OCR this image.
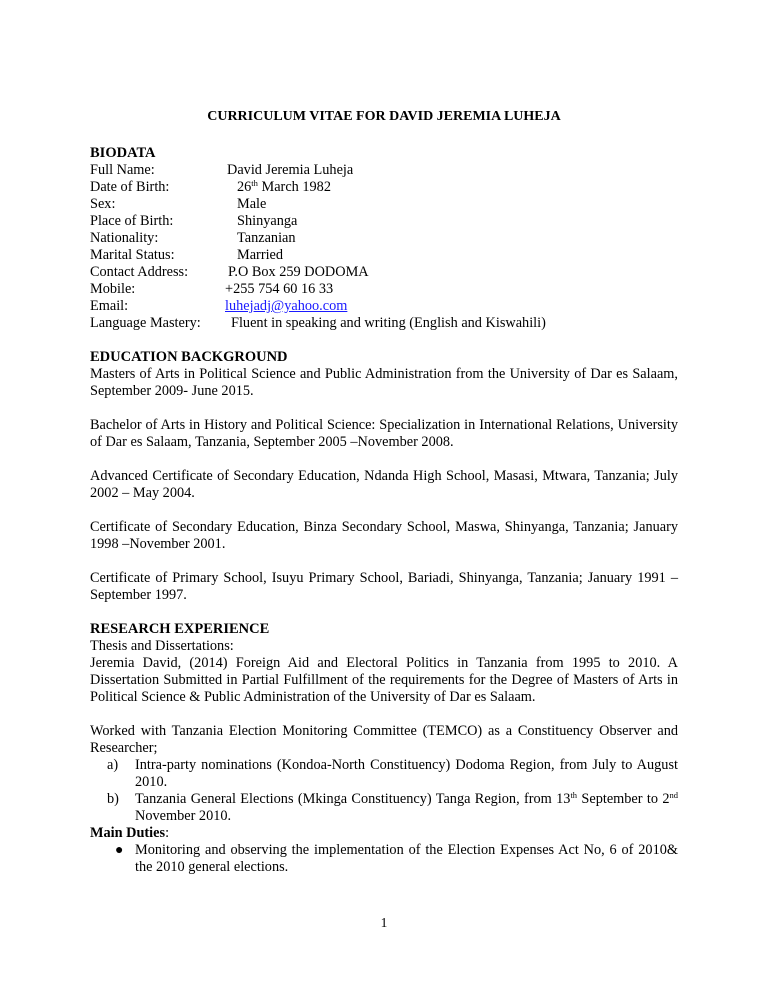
CURRICULUM VITAE FOR DAVID JEREMIA LUHEJA
BIODATA
Full Name:	David Jeremia Luheja
Date of Birth:	26th March 1982
Sex:	Male
Place of Birth:	Shinyanga
Nationality:	Tanzanian
Marital Status:	Married
Contact Address:	P.O Box 259 DODOMA
Mobile:	+255 754 60 16 33
Email:	luhejadj@yahoo.com
Language Mastery: Fluent in speaking and writing (English and Kiswahili)
EDUCATION BACKGROUND
Masters of Arts in Political Science and Public Administration from the University of Dar es Salaam, September 2009- June 2015.
Bachelor of Arts in History and Political Science: Specialization in International Relations, University of Dar es Salaam, Tanzania, September 2005 –November 2008.
Advanced Certificate of Secondary Education, Ndanda High School, Masasi, Mtwara, Tanzania; July 2002 – May 2004.
Certificate of Secondary Education, Binza Secondary School, Maswa, Shinyanga, Tanzania; January 1998 –November 2001.
Certificate of Primary School, Isuyu Primary School, Bariadi, Shinyanga, Tanzania; January 1991 – September 1997.
RESEARCH EXPERIENCE
Thesis and Dissertations:
Jeremia David, (2014) Foreign Aid and Electoral Politics in Tanzania from 1995 to 2010. A Dissertation Submitted in Partial Fulfillment of the requirements for the Degree of Masters of Arts in Political Science & Public Administration of the University of Dar es Salaam.
Worked with Tanzania Election Monitoring Committee (TEMCO) as a Constituency Observer and Researcher;
a) Intra-party nominations (Kondoa-North Constituency) Dodoma Region, from July to August 2010.
b) Tanzania General Elections (Mkinga Constituency) Tanga Region, from 13th September to 2nd November 2010.
Main Duties:
● Monitoring and observing the implementation of the Election Expenses Act No, 6 of 2010& the 2010 general elections.
1
